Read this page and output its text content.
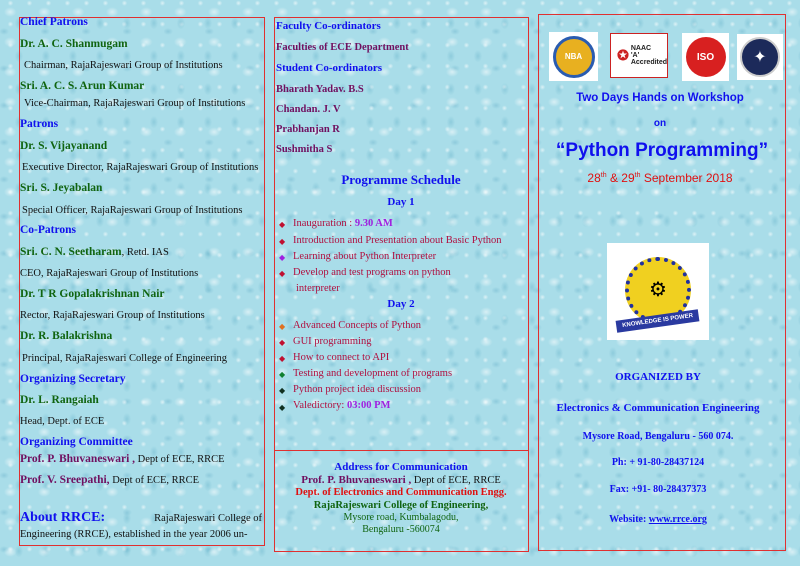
Chief Patrons
Dr. A. C. Shanmugam
Chairman, RajaRajeswari Group of Institutions
Sri. A. C. S. Arun Kumar
Vice-Chairman, RajaRajeswari Group of Institutions
Patrons
Dr. S. Vijayanand
Executive Director, RajaRajeswari Group of Institutions
Sri. S. Jeyabalan
Special Officer, RajaRajeswari Group of Institutions
Co-Patrons
Sri. C. N. Seetharam, Retd. IAS
CEO, RajaRajeswari Group of Institutions
Dr. T R Gopalakrishnan Nair
Rector, RajaRajeswari Group of Institutions
Dr. R. Balakrishna
Principal, RajaRajeswari College of Engineering
Organizing Secretary
Dr. L. Rangaiah
Head, Dept. of ECE
Organizing Committee
Prof. P. Bhuvaneswari , Dept of ECE, RRCE
Prof. V. Sreepathi, Dept of ECE, RRCE
About RRCE:	RajaRajeswari College of
Engineering (RRCE), established in the year 2006 un-
Faculty Co-ordinators
Faculties of ECE Department
Student Co-ordinators
Bharath Yadav. B.S
Chandan. J. V
Prabhanjan R
Sushmitha S
Programme Schedule
Day 1
◆ Inauguration : 9.30 AM
◆ Introduction and Presentation about Basic Python
◆ Learning about Python Interpreter
◆ Develop and test programs on python
interpreter
Day 2
◆ Advanced Concepts of Python
◆ GUI programming
◆ How to connect to API
◆ Testing and development of programs
◆ Python project idea discussion
◆ Valedictory: 03:00 PM
Address for Communication
Prof. P. Bhuvaneswari , Dept of ECE, RRCE
Dept. of Electronics and Communication Engg.
RajaRajeswari College of Engineering,
Mysore road, Kumbalagodu,
Bengaluru -560074
NBA	✪ NAAC 'A' Accredited	ISO	✦
Two Days Hands on Workshop
on
“Python Programming”
28th & 29th September 2018
⚙
KNOWLEDGE IS POWER
ORGANIZED BY
Electronics & Communication Engineering
Mysore Road, Bengaluru - 560 074.
Ph: + 91-80-28437124
Fax: +91- 80-28437373
Website: www.rrce.org
